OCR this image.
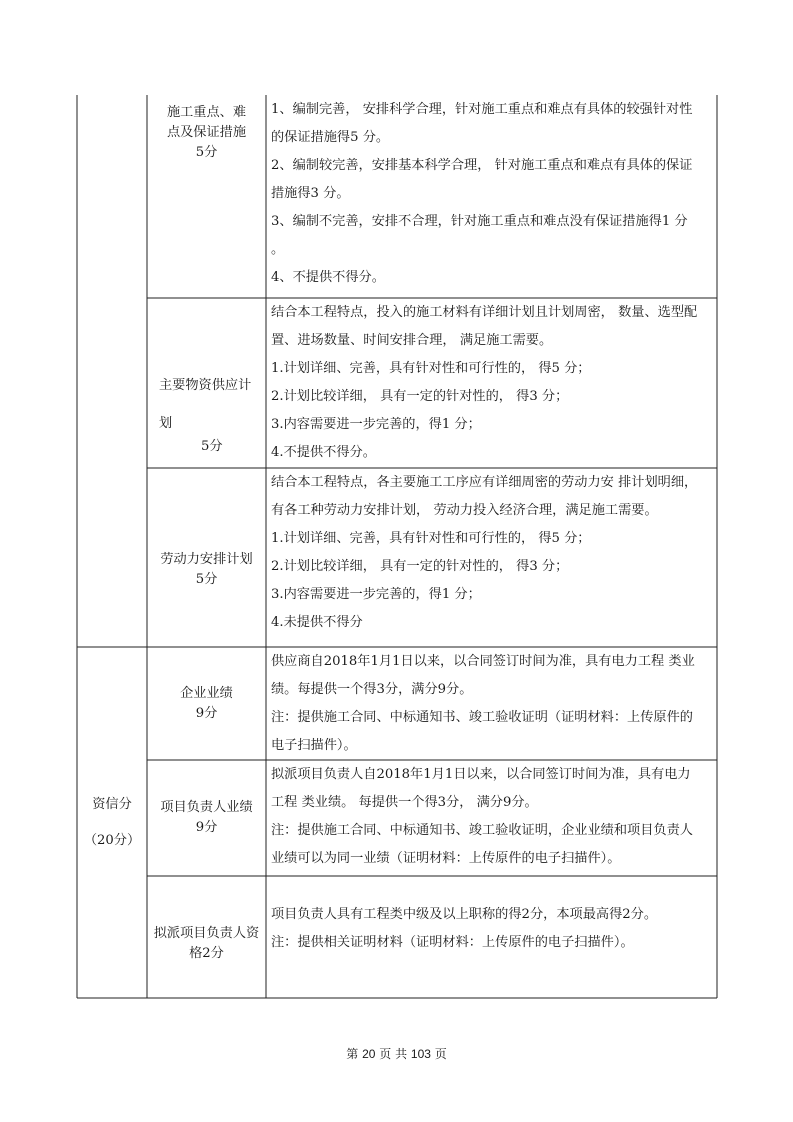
施工重点、难
点及保证措施
5分
1、编制完善， 安排科学合理，针对施工重点和难点有具体的较强针对性
的保证措施得5 分。
2、编制较完善，安排基本科学合理， 针对施工重点和难点有具体的保证
措施得3 分。
3、编制不完善，安排不合理，针对施工重点和难点没有保证措施得1 分
。
4、不提供不得分。
主要物资供应计
划
5分
结合本工程特点，投入的施工材料有详细计划且计划周密， 数量、选型配
置、进场数量、时间安排合理， 满足施工需要。
1.计划详细、完善，具有针对性和可行性的， 得5 分；
2.计划比较详细， 具有一定的针对性的， 得3 分；
3.内容需要进一步完善的，得1 分；
4.不提供不得分。
劳动力安排计划
5分
结合本工程特点，各主要施工工序应有详细周密的劳动力安 排计划明细，
有各工种劳动力安排计划， 劳动力投入经济合理，满足施工需要。
1.计划详细、完善，具有针对性和可行性的， 得5 分；
2.计划比较详细， 具有一定的针对性的， 得3 分；
3.内容需要进一步完善的，得1 分；
4.未提供不得分
资信分
（20分）
企业业绩
9分
供应商自2018年1月1日以来，以合同签订时间为准，具有电力工程 类业
绩。每提供一个得3分，满分9分。
注：提供施工合同、中标通知书、竣工验收证明（证明材料：上传原件的
电子扫描件）。
项目负责人业绩
9分
拟派项目负责人自2018年1月1日以来，以合同签订时间为准，具有电力
工程 类业绩。 每提供一个得3分， 满分9分。
注：提供施工合同、中标通知书、竣工验收证明，企业业绩和项目负责人
业绩可以为同一业绩（证明材料：上传原件的电子扫描件）。
拟派项目负责人资
格2分
项目负责人具有工程类中级及以上职称的得2分，本项最高得2分。
注：提供相关证明材料（证明材料：上传原件的电子扫描件）。
第 20 页 共 103 页
